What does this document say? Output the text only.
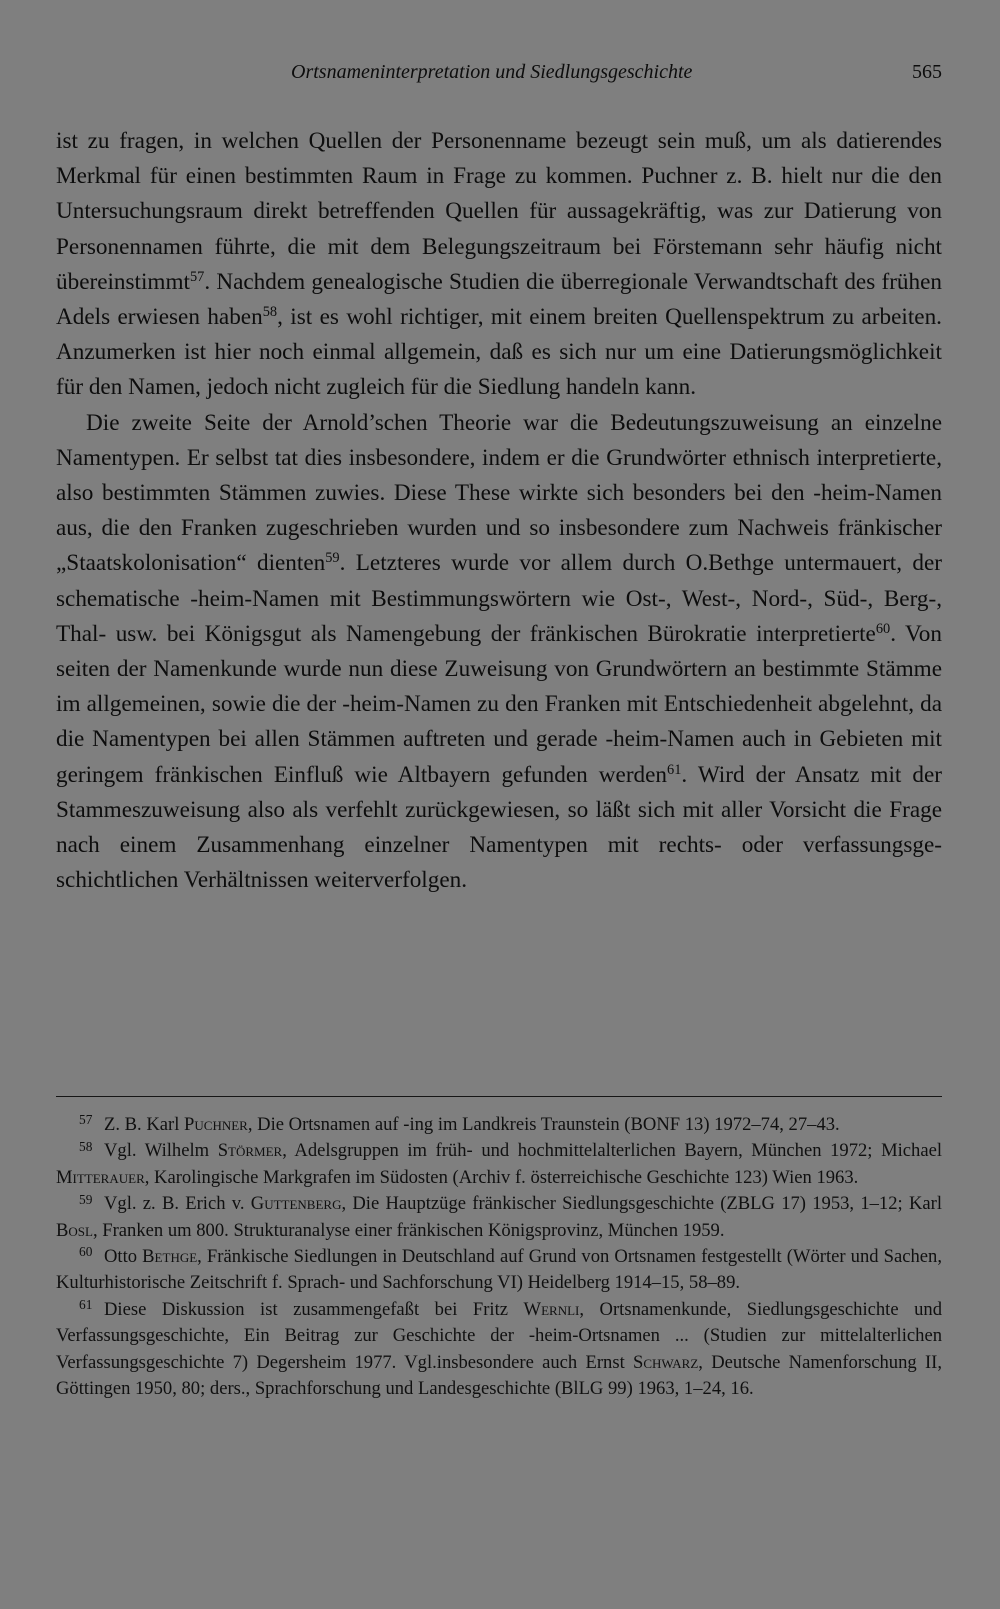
Ortsnameninterpretation und Siedlungsgeschichte	565

ist zu fragen, in welchen Quellen der Personenname bezeugt sein muß, um als datierendes Merkmal für einen bestimmten Raum in Frage zu kommen. Puchner z. B. hielt nur die den Untersuchungsraum direkt betreffenden Quellen für aussagekräftig, was zur Datierung von Personennamen führte, die mit dem Belegungszeitraum bei Förstemann sehr häufig nicht übereinstimmt$^{57}$. Nachdem genealogische Studien die überregionale Verwandtschaft des frühen Adels erwiesen haben$^{58}$, ist es wohl richtiger, mit einem breiten Quellenspektrum zu arbeiten. Anzumerken ist hier noch einmal allgemein, daß es sich nur um eine Datierungsmöglichkeit für den Namen, jedoch nicht zugleich für die Siedlung handeln kann.

Die zweite Seite der Arnold’schen Theorie war die Bedeutungszuweisung an einzelne Namentypen. Er selbst tat dies insbesondere, indem er die Grundwörter ethnisch interpretierte, also bestimmten Stämmen zuwies. Diese These wirkte sich besonders bei den -heim-Namen aus, die den Franken zugeschrieben wurden und so insbesondere zum Nachweis fränkischer „Staatskolonisation“ dienten$^{59}$. Letzteres wurde vor allem durch O.Bethge untermauert, der schematische -heim-Namen mit Bestimmungswörtern wie Ost-, West-, Nord-, Süd-, Berg-, Thal- usw. bei Königsgut als Namengebung der fränkischen Bürokratie interpretierte$^{60}$. Von seiten der Namenkunde wurde nun diese Zuweisung von Grundwörtern an bestimmte Stämme im allgemeinen, sowie die der -heim-Namen zu den Franken mit Entschiedenheit abgelehnt, da die Namentypen bei allen Stämmen auftreten und gerade -heim-Namen auch in Gebieten mit geringem fränkischen Einfluß wie Altbayern gefunden werden$^{61}$. Wird der Ansatz mit der Stammeszuweisung also als verfehlt zurückgewiesen, so läßt sich mit aller Vorsicht die Frage nach einem Zusammenhang einzelner Namentypen mit rechts- oder verfassungsgeschichtlichen Verhältnissen weiterverfolgen.

57 Z. B. Karl Puchner, Die Ortsnamen auf -ing im Landkreis Traunstein (BONF 13) 1972–74, 27–43.

58 Vgl. Wilhelm Störmer, Adelsgruppen im früh- und hochmittelalterlichen Bayern, München 1972; Michael Mitterauer, Karolingische Markgrafen im Südosten (Archiv f. österreichische Geschichte 123) Wien 1963.

59 Vgl. z. B. Erich v. Guttenberg, Die Hauptzüge fränkischer Siedlungsgeschichte (ZBLG 17) 1953, 1–12; Karl Bosl, Franken um 800. Strukturanalyse einer fränkischen Königsprovinz, München 1959.

60 Otto Bethge, Fränkische Siedlungen in Deutschland auf Grund von Ortsnamen festgestellt (Wörter und Sachen, Kulturhistorische Zeitschrift f. Sprach- und Sachforschung VI) Heidelberg 1914–15, 58–89.

61 Diese Diskussion ist zusammengefaßt bei Fritz Wernli, Ortsnamenkunde, Siedlungsgeschichte und Verfassungsgeschichte, Ein Beitrag zur Geschichte der -heim-Ortsnamen ... (Studien zur mittelalterlichen Verfassungsgeschichte 7) Degersheim 1977. Vgl.insbesondere auch Ernst Schwarz, Deutsche Namenforschung II, Göttingen 1950, 80; ders., Sprachforschung und Landesgeschichte (BlLG 99) 1963, 1–24, 16.
